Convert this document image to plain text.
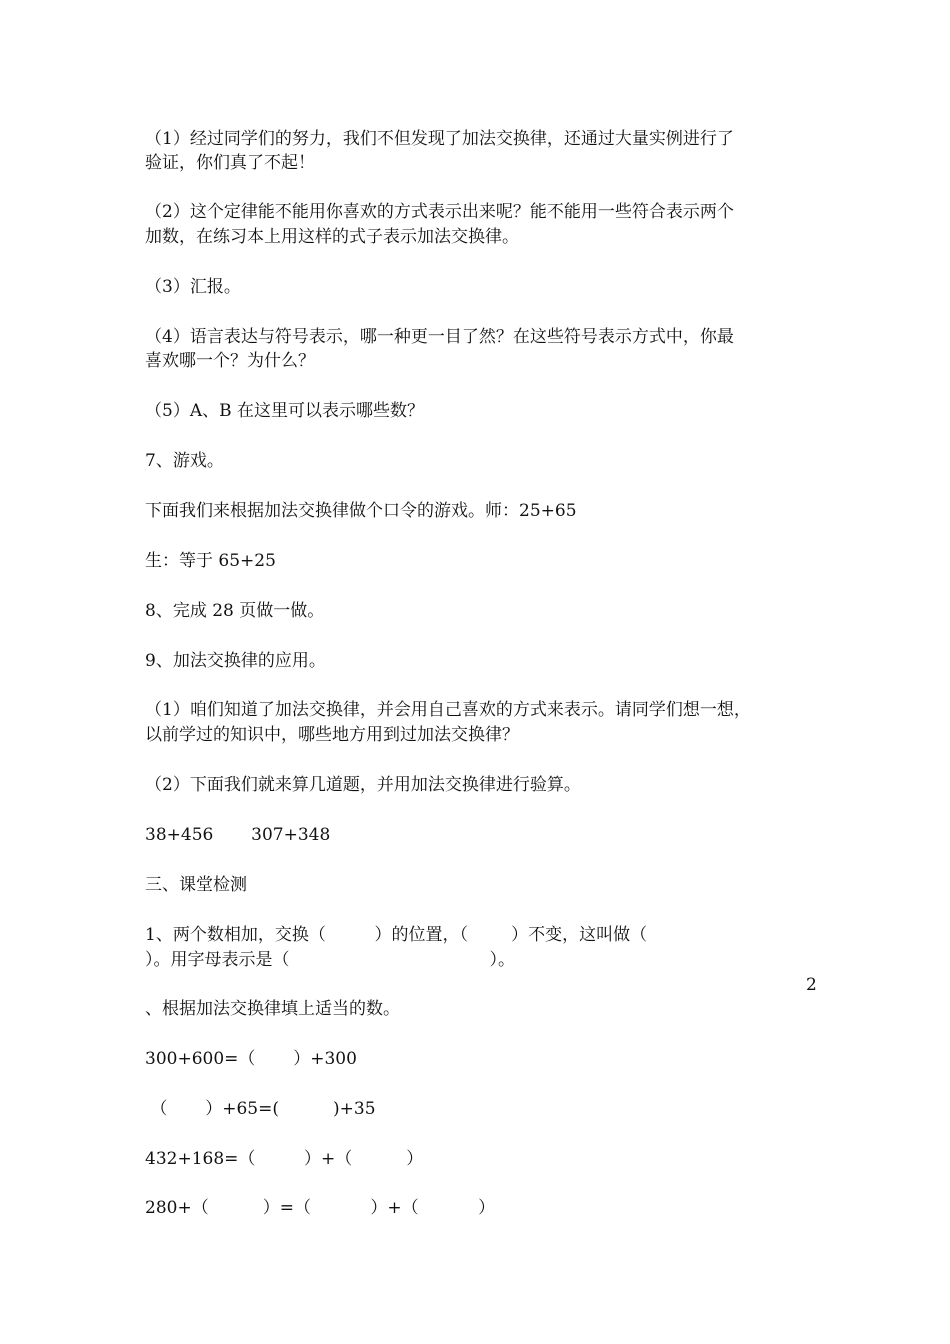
（1）经过同学们的努力，我们不但发现了加法交换律，还通过大量实例进行了
验证，你们真了不起！
（2）这个定律能不能用你喜欢的方式表示出来呢？能不能用一些符合表示两个
加数，在练习本上用这样的式子表示加法交换律。
（3）汇报。
（4）语言表达与符号表示，哪一种更一目了然？在这些符号表示方式中，你最
喜欢哪一个？为什么？
（5）A、B 在这里可以表示哪些数？
7、游戏。
下面我们来根据加法交换律做个口令的游戏。师：25+65
生：等于 65+25
8、完成 28 页做一做。
9、加法交换律的应用。
（1）咱们知道了加法交换律，并会用自己喜欢的方式来表示。请同学们想一想，
以前学过的知识中，哪些地方用到过加法交换律？
（2）下面我们就来算几道题，并用加法交换律进行验算。
38+456       307+348
三、课堂检测
1、两个数相加，交换（         ）的位置，（        ）不变，这叫做（
）。用字母表示是（                                     ）。
2
、根据加法交换律填上适当的数。
300+600=（       ）+300
（       ）+65=(          )+35
432+168=（         ）+（          ）
280+（          ）=（           ）+（           ）
